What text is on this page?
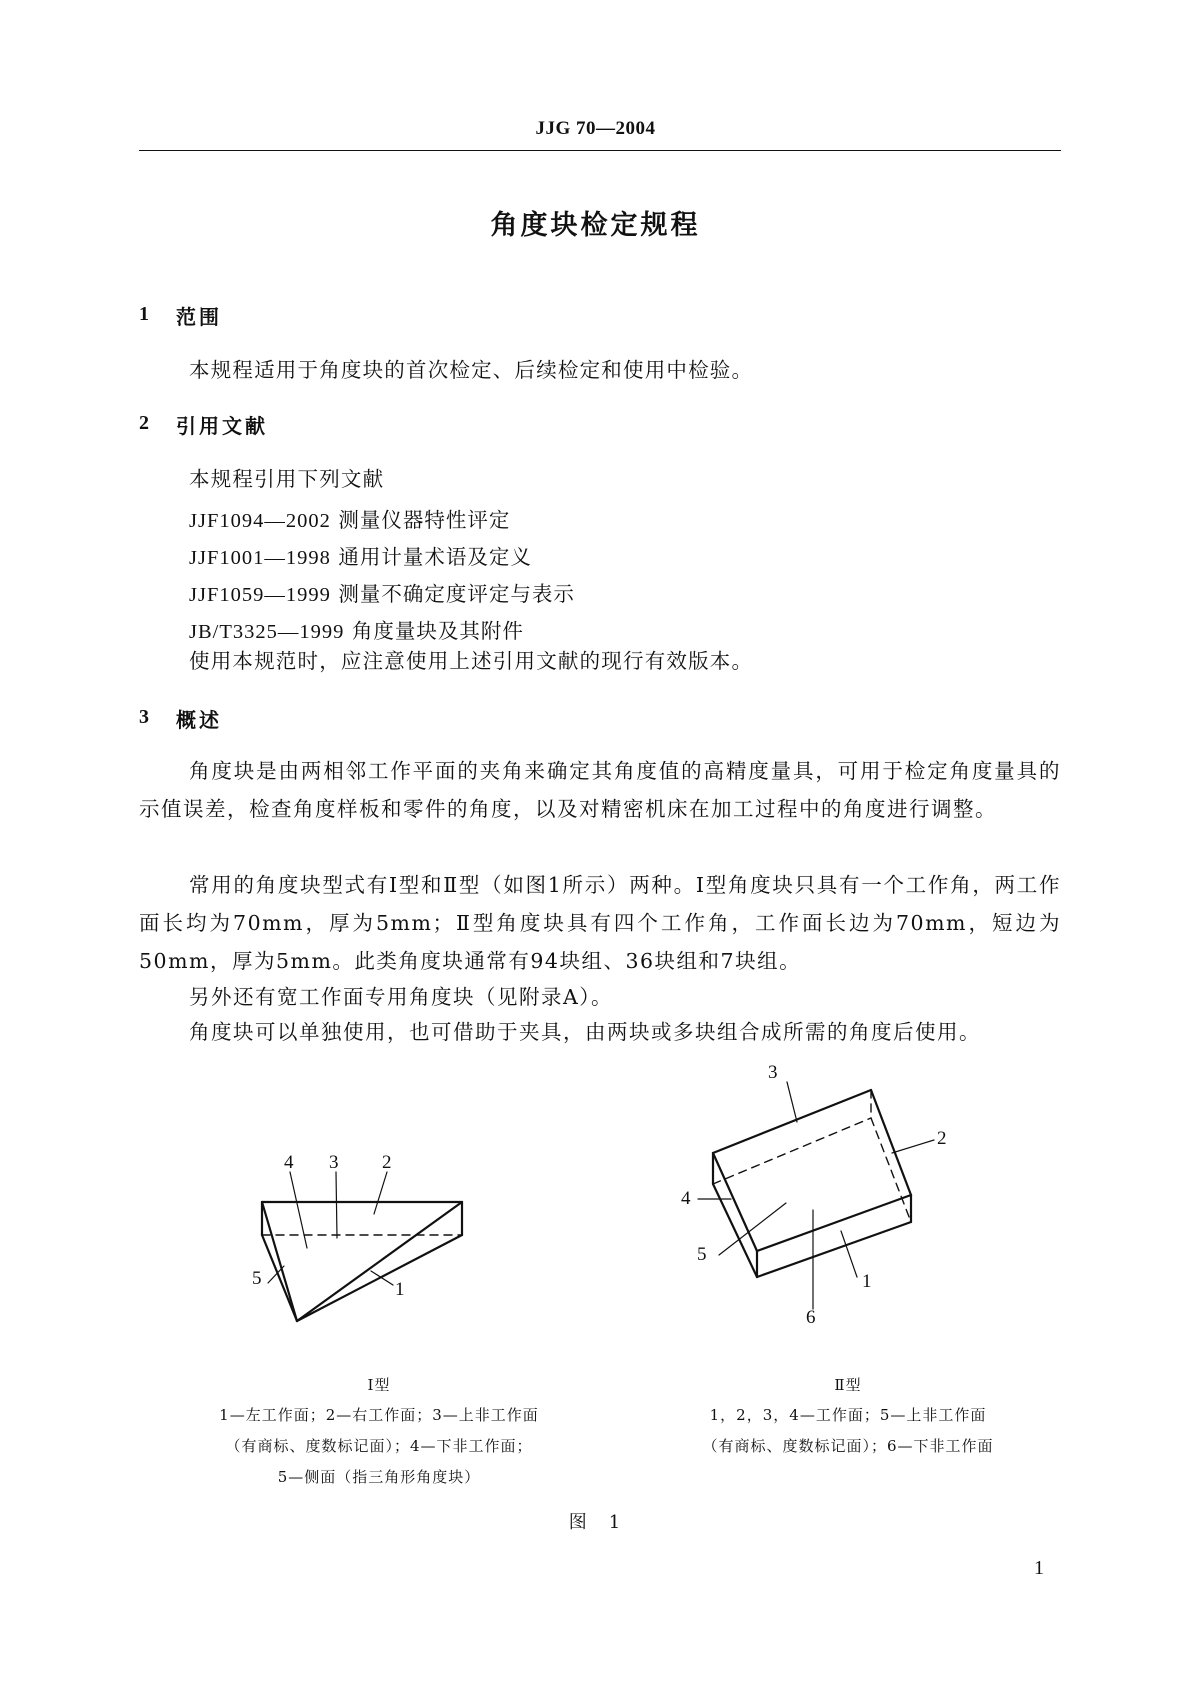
JJG 70—2004
角度块检定规程
1 范围
本规程适用于角度块的首次检定、后续检定和使用中检验。
2 引用文献
本规程引用下列文献
JJF1094—2002 测量仪器特性评定
JJF1001—1998 通用计量术语及定义
JJF1059—1999 测量不确定度评定与表示
JB/T3325—1999 角度量块及其附件
使用本规范时，应注意使用上述引用文献的现行有效版本。
3 概述
角度块是由两相邻工作平面的夹角来确定其角度值的高精度量具，可用于检定角度量具的示值误差，检查角度样板和零件的角度，以及对精密机床在加工过程中的角度进行调整。
常用的角度块型式有Ⅰ型和Ⅱ型（如图1所示）两种。Ⅰ型角度块只具有一个工作角，两工作面长均为70mm，厚为5mm；Ⅱ型角度块具有四个工作角，工作面长边为70mm，短边为50mm，厚为5mm。此类角度块通常有94块组、36块组和7块组。
另外还有宽工作面专用角度块（见附录A）。
角度块可以单独使用，也可借助于夹具，由两块或多块组合成所需的角度后使用。
4 3 2
5
1
3
2
4
5
1
6
Ⅰ型
1—左工作面；2—右工作面；3—上非工作面
（有商标、度数标记面）；4—下非工作面；
5—侧面（指三角形角度块）
Ⅱ型
1，2，3，4—工作面；5—上非工作面
（有商标、度数标记面）；6—下非工作面
图　1
1
